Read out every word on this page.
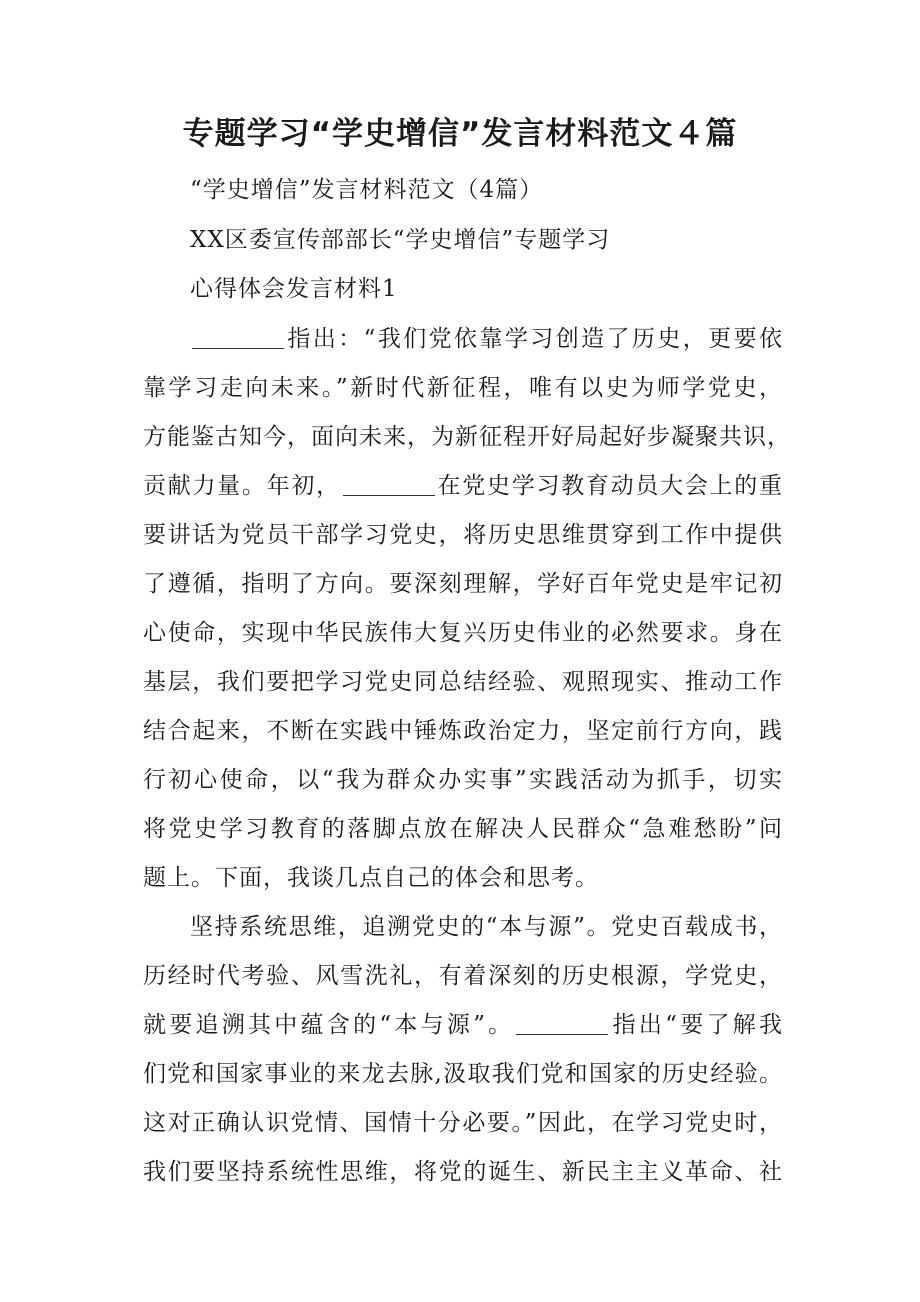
专题学习“学史增信”发言材料范文４篇

“学史增信”发言材料范文（4篇）

XX区委宣传部部长“学史增信”专题学习

心得体会发言材料1

指出：“我们党依靠学习创造了历史，更要依

靠学习走向未来。”新时代新征程，唯有以史为师学党史，

方能鉴古知今，面向未来，为新征程开好局起好步凝聚共识，

贡献力量。年初，	在党史学习教育动员大会上的重

要讲话为党员干部学习党史，将历史思维贯穿到工作中提供

了遵循，指明了方向。要深刻理解，学好百年党史是牢记初

心使命，实现中华民族伟大复兴历史伟业的必然要求。身在

基层，我们要把学习党史同总结经验、观照现实、推动工作

结合起来，不断在实践中锤炼政治定力，坚定前行方向，践

行初心使命，以“我为群众办实事”实践活动为抓手，切实

将党史学习教育的落脚点放在解决人民群众“急难愁盼”问

题上。下面，我谈几点自己的体会和思考。

坚持系统思维，追溯党史的“本与源”。党史百载成书，

历经时代考验、风雪洗礼，有着深刻的历史根源，学党史，

就要追溯其中蕴含的“本与源”。	指出“要了解我

们党和国家事业的来龙去脉,汲取我们党和国家的历史经验。

这对正确认识党情、国情十分必要。”因此，在学习党史时，

我们要坚持系统性思维，将党的诞生、新民主主义革命、社
